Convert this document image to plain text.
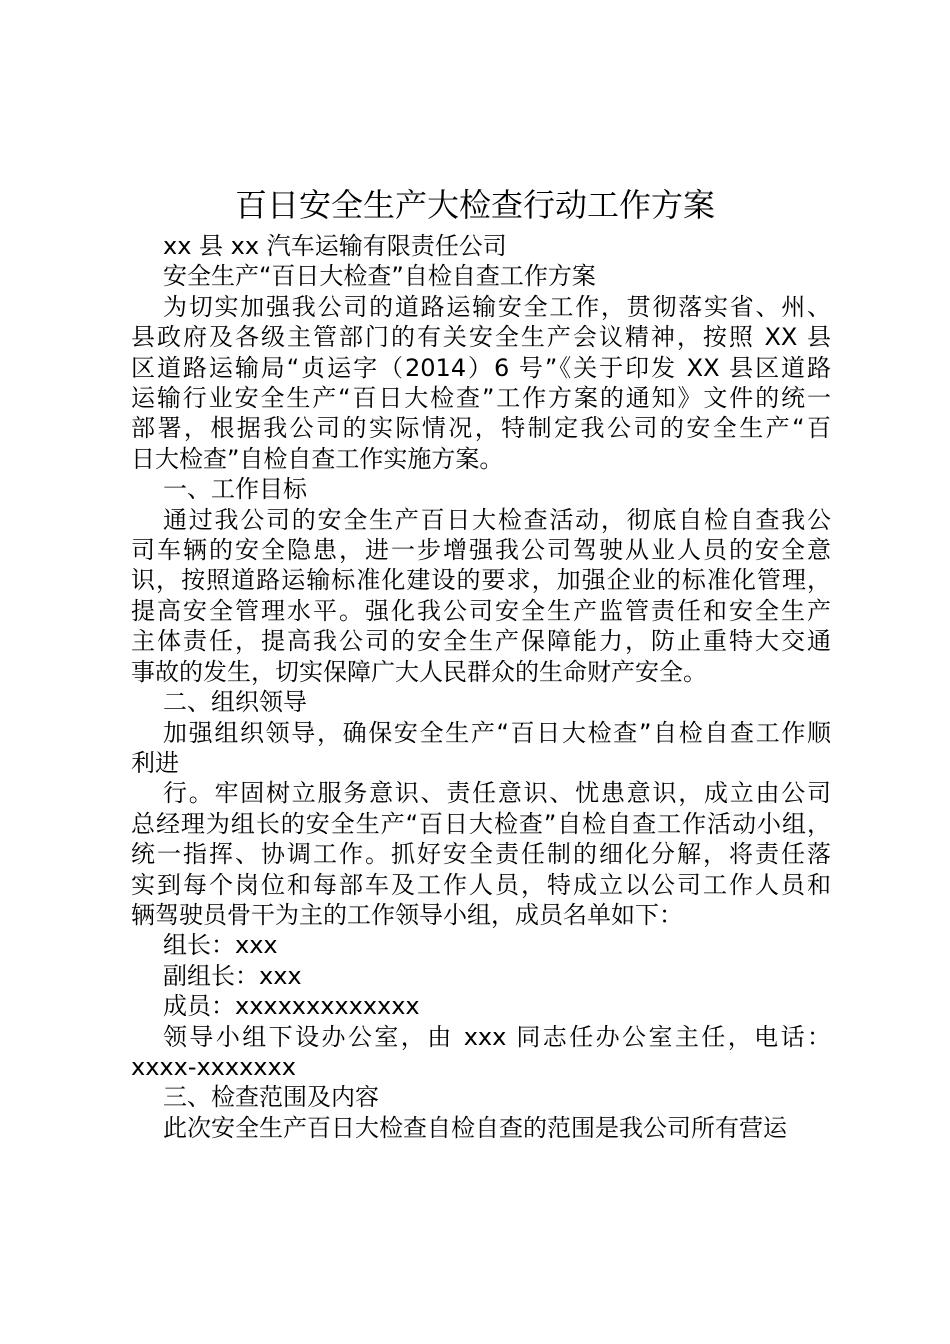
百日安全生产大检查行动工作方案
xx 县 xx 汽车运输有限责任公司
安全生产“百日大检查”自检自查工作方案
为切实加强我公司的道路运输安全工作，贯彻落实省、州、
县政府及各级主管部门的有关安全生产会议精神，按照 XX 县
区道路运输局“贞运字（2014）6 号”《关于印发 XX 县区道路
运输行业安全生产“百日大检查”工作方案的通知》文件的统一
部署，根据我公司的实际情况，特制定我公司的安全生产“百
日大检查”自检自查工作实施方案。
一、工作目标
通过我公司的安全生产百日大检查活动，彻底自检自查我公
司车辆的安全隐患，进一步增强我公司驾驶从业人员的安全意
识，按照道路运输标准化建设的要求，加强企业的标准化管理，
提高安全管理水平。强化我公司安全生产监管责任和安全生产
主体责任，提高我公司的安全生产保障能力，防止重特大交通
事故的发生，切实保障广大人民群众的生命财产安全。
二、组织领导
加强组织领导，确保安全生产“百日大检查”自检自查工作顺
利进
行。牢固树立服务意识、责任意识、忧患意识，成立由公司
总经理为组长的安全生产“百日大检查”自检自查工作活动小组，
统一指挥、协调工作。抓好安全责任制的细化分解，将责任落
实到每个岗位和每部车及工作人员，特成立以公司工作人员和
辆驾驶员骨干为主的工作领导小组，成员名单如下：
组长：xxx
副组长：xxx
成员：xxxxxxxxxxxxx
领导小组下设办公室，由 xxx 同志任办公室主任，电话：
xxxx-xxxxxxx
三、检查范围及内容
此次安全生产百日大检查自检自查的范围是我公司所有营运
